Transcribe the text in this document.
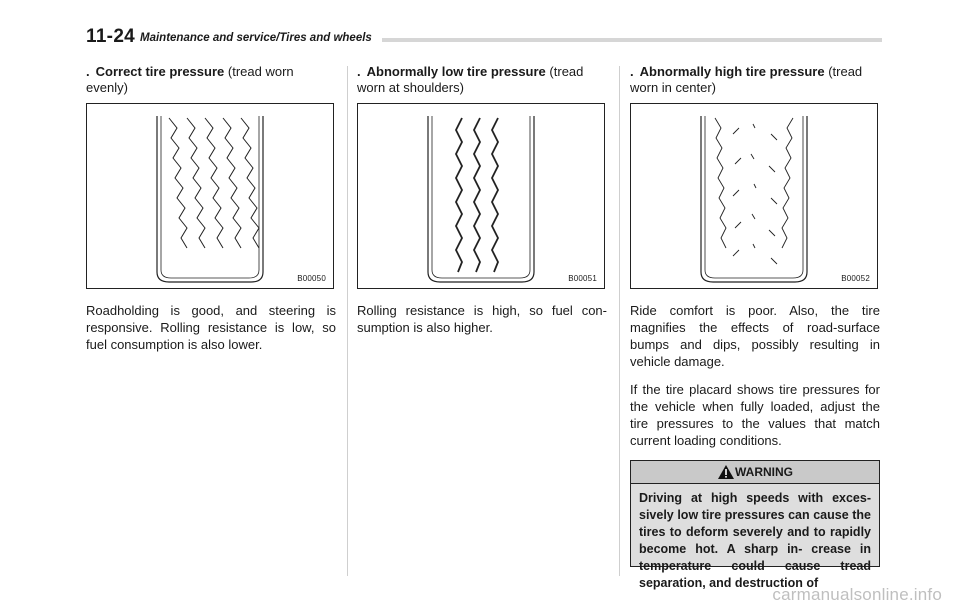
11-24 Maintenance and service/Tires and wheels

. Correct tire pressure (tread worn evenly)

B00050

Roadholding is good, and steering is responsive. Rolling resistance is low, so fuel consumption is also lower.

. Abnormally low tire pressure (tread worn at shoulders)

B00051

Rolling resistance is high, so fuel con- sumption is also higher.

. Abnormally high tire pressure (tread worn in center)

B00052

Ride comfort is poor. Also, the tire magnifies the effects of road-surface bumps and dips, possibly resulting in vehicle damage.

If the tire placard shows tire pressures for the vehicle when fully loaded, adjust the tire pressures to the values that match current loading conditions.

WARNING
Driving at high speeds with exces- sively low tire pressures can cause the tires to deform severely and to rapidly become hot. A sharp in- crease in temperature could cause tread separation, and destruction of
carmanualsonline.info
